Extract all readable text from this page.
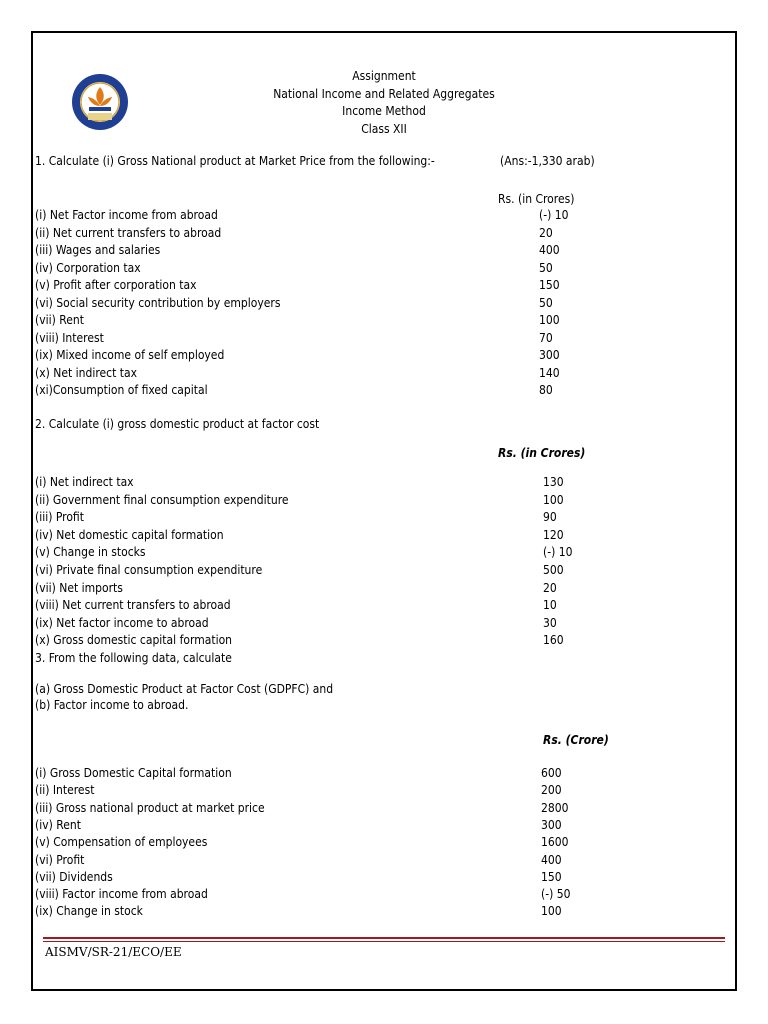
Assignment
National Income and Related Aggregates
Income Method
Class XII
1. Calculate (i) Gross National product at Market Price from the following:-	(Ans:-1,330 arab)
Rs. (in Crores)
(i) Net Factor income from abroad	(-) 10
(ii) Net current transfers to abroad	20
(iii) Wages and salaries	400
(iv) Corporation tax	50
(v) Profit after corporation tax	150
(vi) Social security contribution by employers	50
(vii) Rent	100
(viii) Interest	70
(ix) Mixed income of self employed	300
(x) Net indirect tax	140
(xi)Consumption of fixed capital	80
2. Calculate (i) gross domestic product at factor cost
Rs. (in Crores)
(i) Net indirect tax	130
(ii) Government final consumption expenditure	100
(iii) Profit	90
(iv) Net domestic capital formation	120
(v) Change in stocks	(-) 10
(vi) Private final consumption expenditure	500
(vii) Net imports	20
(viii) Net current transfers to abroad	10
(ix) Net factor income to abroad	30
(x) Gross domestic capital formation	160
3. From the following data, calculate
(a) Gross Domestic Product at Factor Cost (GDPFC) and
(b) Factor income to abroad.
Rs. (Crore)
(i) Gross Domestic Capital formation	600
(ii) Interest	200
(iii) Gross national product at market price	2800
(iv) Rent	300
(v) Compensation of employees	1600
(vi) Profit	400
(vii) Dividends	150
(viii) Factor income from abroad	(-) 50
(ix) Change in stock	100
AISMV/SR-21/ECO/EE
